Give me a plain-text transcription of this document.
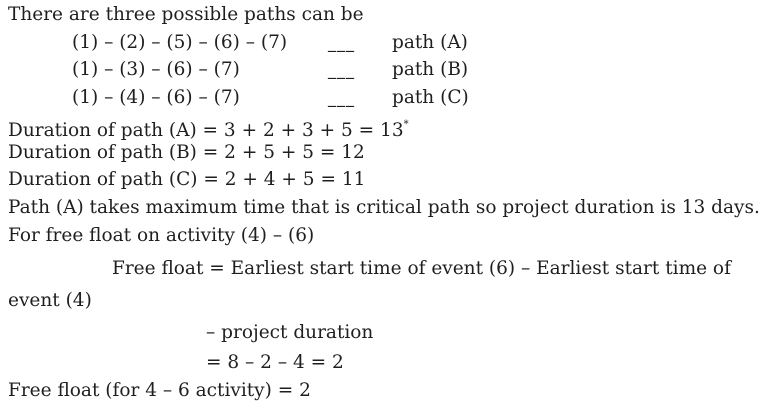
There are three possible paths can be
(1) – (2) – (5) – (6) – (7)	___ path (A)
(1) – (3) – (6) – (7)	___ path (B)
(1) – (4) – (6) – (7)	___ path (C)
Duration of path (A) = 3 + 2 + 3 + 5 = 13*
Duration of path (B) = 2 + 5 + 5 = 12
Duration of path (C) = 2 + 4 + 5 = 11
Path (A) takes maximum time that is critical path so project duration is 13 days.
For free float on activity (4) – (6)
Free float = Earliest start time of event (6) – Earliest start time of
event (4)
– project duration
= 8 – 2 – 4 = 2
Free float (for 4 – 6 activity) = 2
